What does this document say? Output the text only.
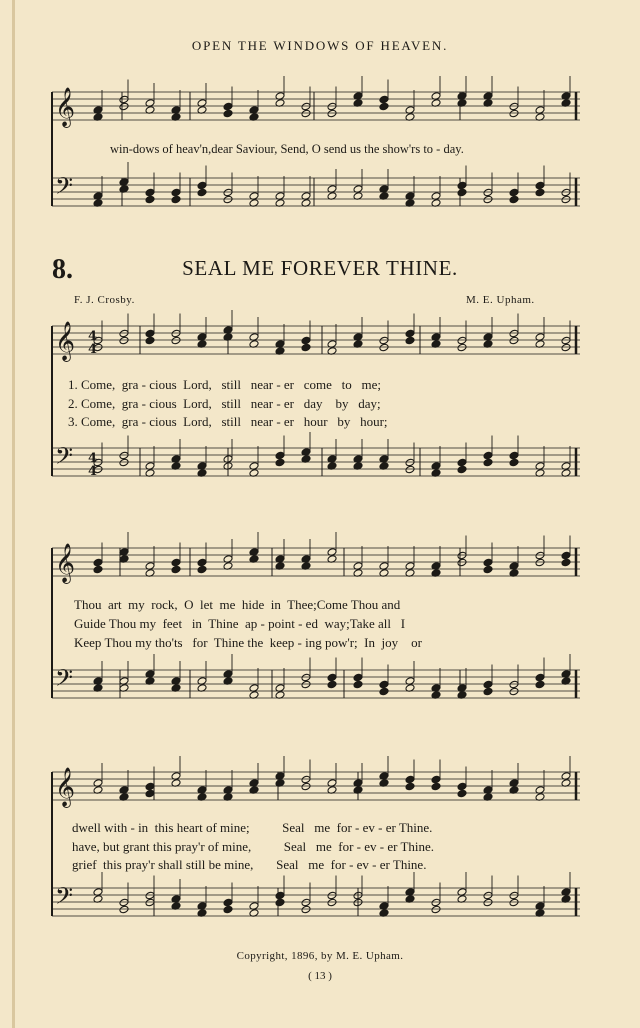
OPEN THE WINDOWS OF HEAVEN.
𝄞
𝄢
𝄞
𝄢
𝄞
𝄢
𝄞
𝄢
4
4
4
4
win-dows of heav'n,dear Saviour, Send, O send us the show'rs to - day.
8.	SEAL ME FOREVER THINE.
F. J. Crosby.	M. E. Upham.
1. Come,  gra - cious  Lord,   still   near - er   come   to   me;
2. Come,  gra - cious  Lord,   still   near - er   day    by   day;
3. Come,  gra - cious  Lord,   still   near - er   hour   by   hour;
Thou  art  my  rock,  O  let  me  hide  in  Thee;Come Thou and
Guide Thou my  feet   in  Thine  ap - point - ed  way;Take all   I
Keep Thou my tho'ts   for  Thine the  keep - ing pow'r;  In  joy    or
dwell with - in  this heart of mine;          Seal   me  for - ev - er Thine.
have, but grant this pray'r of mine,          Seal   me  for - ev - er Thine.
grief  this pray'r shall still be mine,       Seal   me  for - ev - er Thine.
Copyright, 1896, by M. E. Upham.
( 13 )
